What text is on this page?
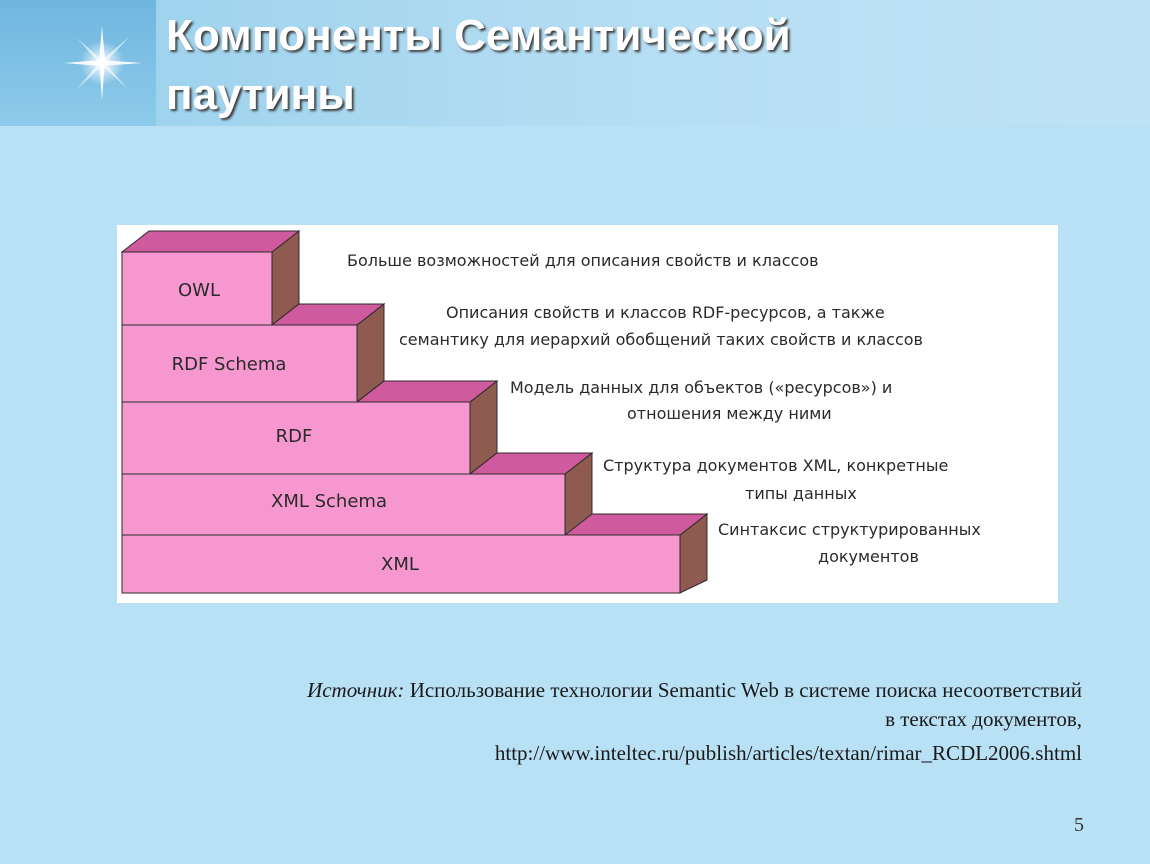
Компоненты Семантической паутины
OWL
RDF Schema
RDF
XML Schema
XML
Больше возможностей для описания свойств и классов
Описания свойств и классов RDF-ресурсов, а также
семантику для иерархий обобщений таких свойств и классов
Модель данных для объектов («ресурсов») и
отношения между ними
Структура документов XML, конкретные
типы данных
Синтаксис структурированных
документов
Источник: Использование технологии Semantic Web в системе поиска несоответствий
в текстах документов,
http://www.inteltec.ru/publish/articles/textan/rimar_RCDL2006.shtml
5
